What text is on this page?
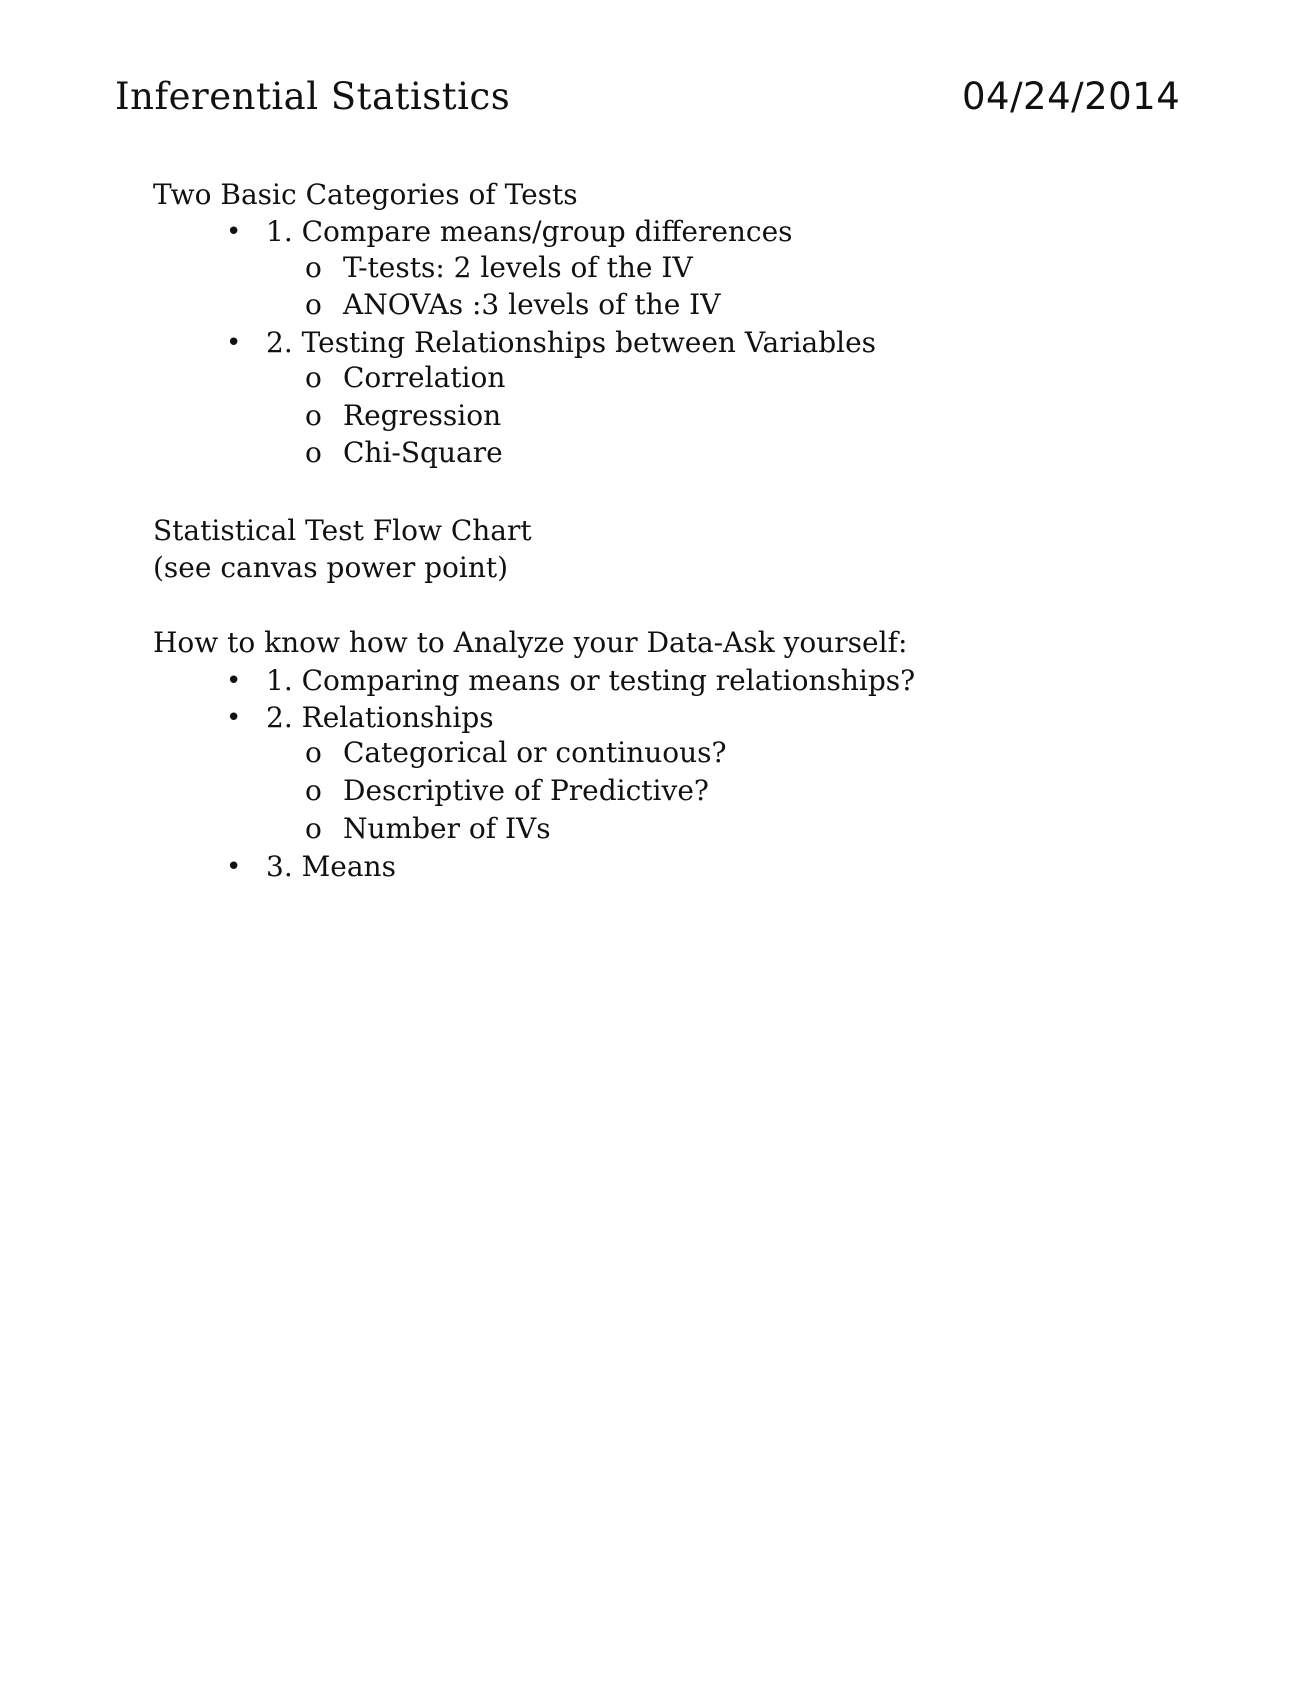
Inferential Statistics	04/24/2014
Two Basic Categories of Tests
• 1. Compare means/group differences
o T-tests: 2 levels of the IV
o ANOVAs :3 levels of the IV
• 2. Testing Relationships between Variables
o Correlation
o Regression
o Chi-Square
Statistical Test Flow Chart
(see canvas power point)
How to know how to Analyze your Data-Ask yourself:
• 1. Comparing means or testing relationships?
• 2. Relationships
o Categorical or continuous?
o Descriptive of Predictive?
o Number of IVs
• 3. Means
